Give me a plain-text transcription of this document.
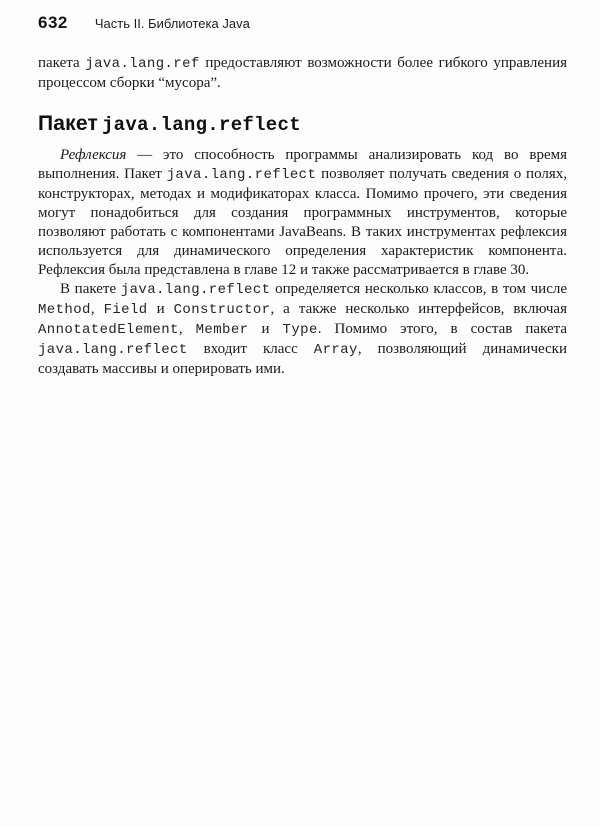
632 Часть II. Библиотека Java

пакета java.lang.ref предоставляют возможности более гибкого управления процессом сборки “мусора”.

Пакет java.lang.reflect

Рефлексия — это способность программы анализировать код во время выполнения. Пакет java.lang.reflect позволяет получать сведения о полях, конструкторах, методах и модификаторах класса. Помимо прочего, эти сведения могут понадобиться для создания программных инструментов, которые позволяют работать с компонентами JavaBeans. В таких инструментах рефлексия используется для динамического определения характеристик компонента. Рефлексия была представлена в главе 12 и также рассматривается в главе 30.

В пакете java.lang.reflect определяется несколько классов, в том числе Method, Field и Constructor, а также несколько интерфейсов, включая AnnotatedElement, Member и Type. Помимо этого, в состав пакета java.lang.reflect входит класс Array, позволяющий динамически создавать массивы и оперировать ими.
